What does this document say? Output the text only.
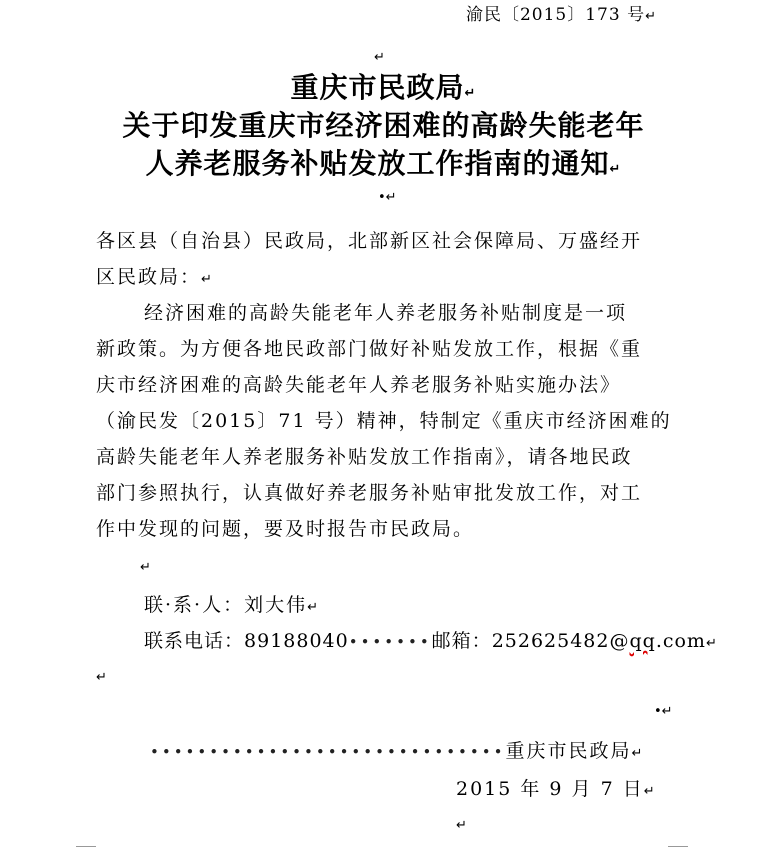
渝民〔2015〕173 号↵
↵
重庆市民政局↵
关于印发重庆市经济困难的高龄失能老年
人养老服务补贴发放工作指南的通知↵
•↵
各区县（自治县）民政局，北部新区社会保障局、万盛经开
区民政局：↵
经济困难的高龄失能老年人养老服务补贴制度是一项
新政策。为方便各地民政部门做好补贴发放工作，根据《重
庆市经济困难的高龄失能老年人养老服务补贴实施办法》
（渝民发〔2015〕71 号）精神，特制定《重庆市经济困难的
高龄失能老年人养老服务补贴发放工作指南》，请各地民政
部门参照执行，认真做好养老服务补贴审批发放工作，对工
作中发现的问题，要及时报告市民政局。
↵
联·系·人：刘大伟↵
联系电话：89188040•••••••邮箱：252625482@qq.com↵
↵
•↵
••••••••••••••••••••••••••••••重庆市民政局↵
2015 年 9 月 7 日↵
↵
